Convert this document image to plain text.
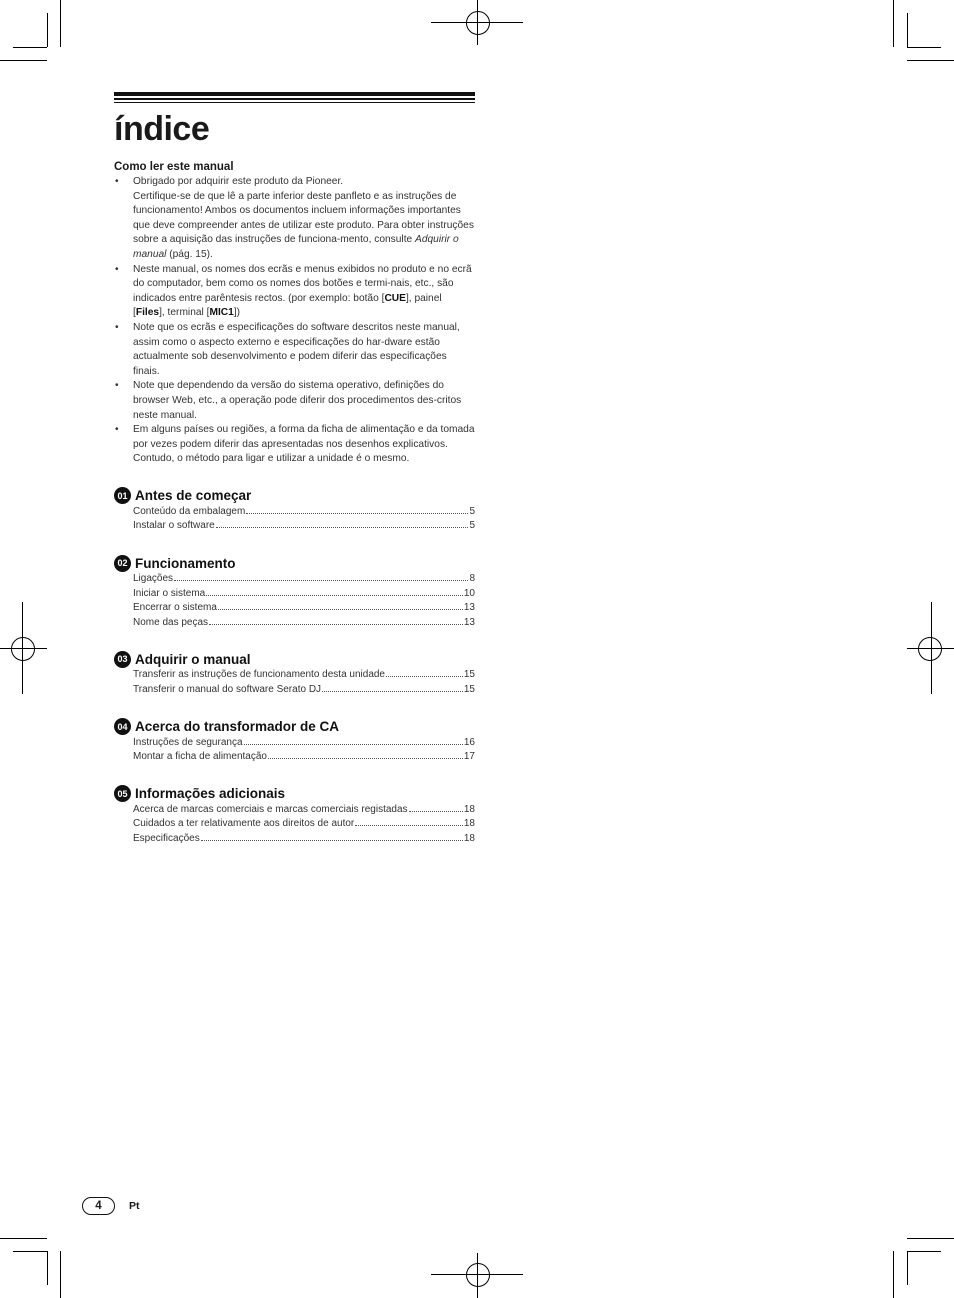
índice
Como ler este manual
• Obrigado por adquirir este produto da Pioneer.
Certifique-se de que lê a parte inferior deste panfleto e as instruções de funcionamento! Ambos os documentos incluem informações importantes que deve compreender antes de utilizar este produto. Para obter instruções sobre a aquisição das instruções de funciona-mento, consulte Adquirir o manual (pág. 15).
• Neste manual, os nomes dos ecrãs e menus exibidos no produto e no ecrã do computador, bem como os nomes dos botões e termi-nais, etc., são indicados entre parêntesis rectos. (por exemplo: botão [CUE], painel [Files], terminal [MIC1])
• Note que os ecrãs e especificações do software descritos neste manual, assim como o aspecto externo e especificações do har-dware estão actualmente sob desenvolvimento e podem diferir das especificações finais.
• Note que dependendo da versão do sistema operativo, definições do browser Web, etc., a operação pode diferir dos procedimentos des-critos neste manual.
• Em alguns países ou regiões, a forma da ficha de alimentação e da tomada por vezes podem diferir das apresentadas nos desenhos explicativos. Contudo, o método para ligar e utilizar a unidade é o mesmo.
01 Antes de começar
Conteúdo da embalagem	5
Instalar o software	5
02 Funcionamento
Ligações	8
Iniciar o sistema	10
Encerrar o sistema	13
Nome das peças	13
03 Adquirir o manual
Transferir as instruções de funcionamento desta unidade	15
Transferir o manual do software Serato DJ	15
04 Acerca do transformador de CA
Instruções de segurança	16
Montar a ficha de alimentação	17
05 Informações adicionais
Acerca de marcas comerciais e marcas comerciais registadas	18
Cuidados a ter relativamente aos direitos de autor	18
Especificações	18
4	Pt
